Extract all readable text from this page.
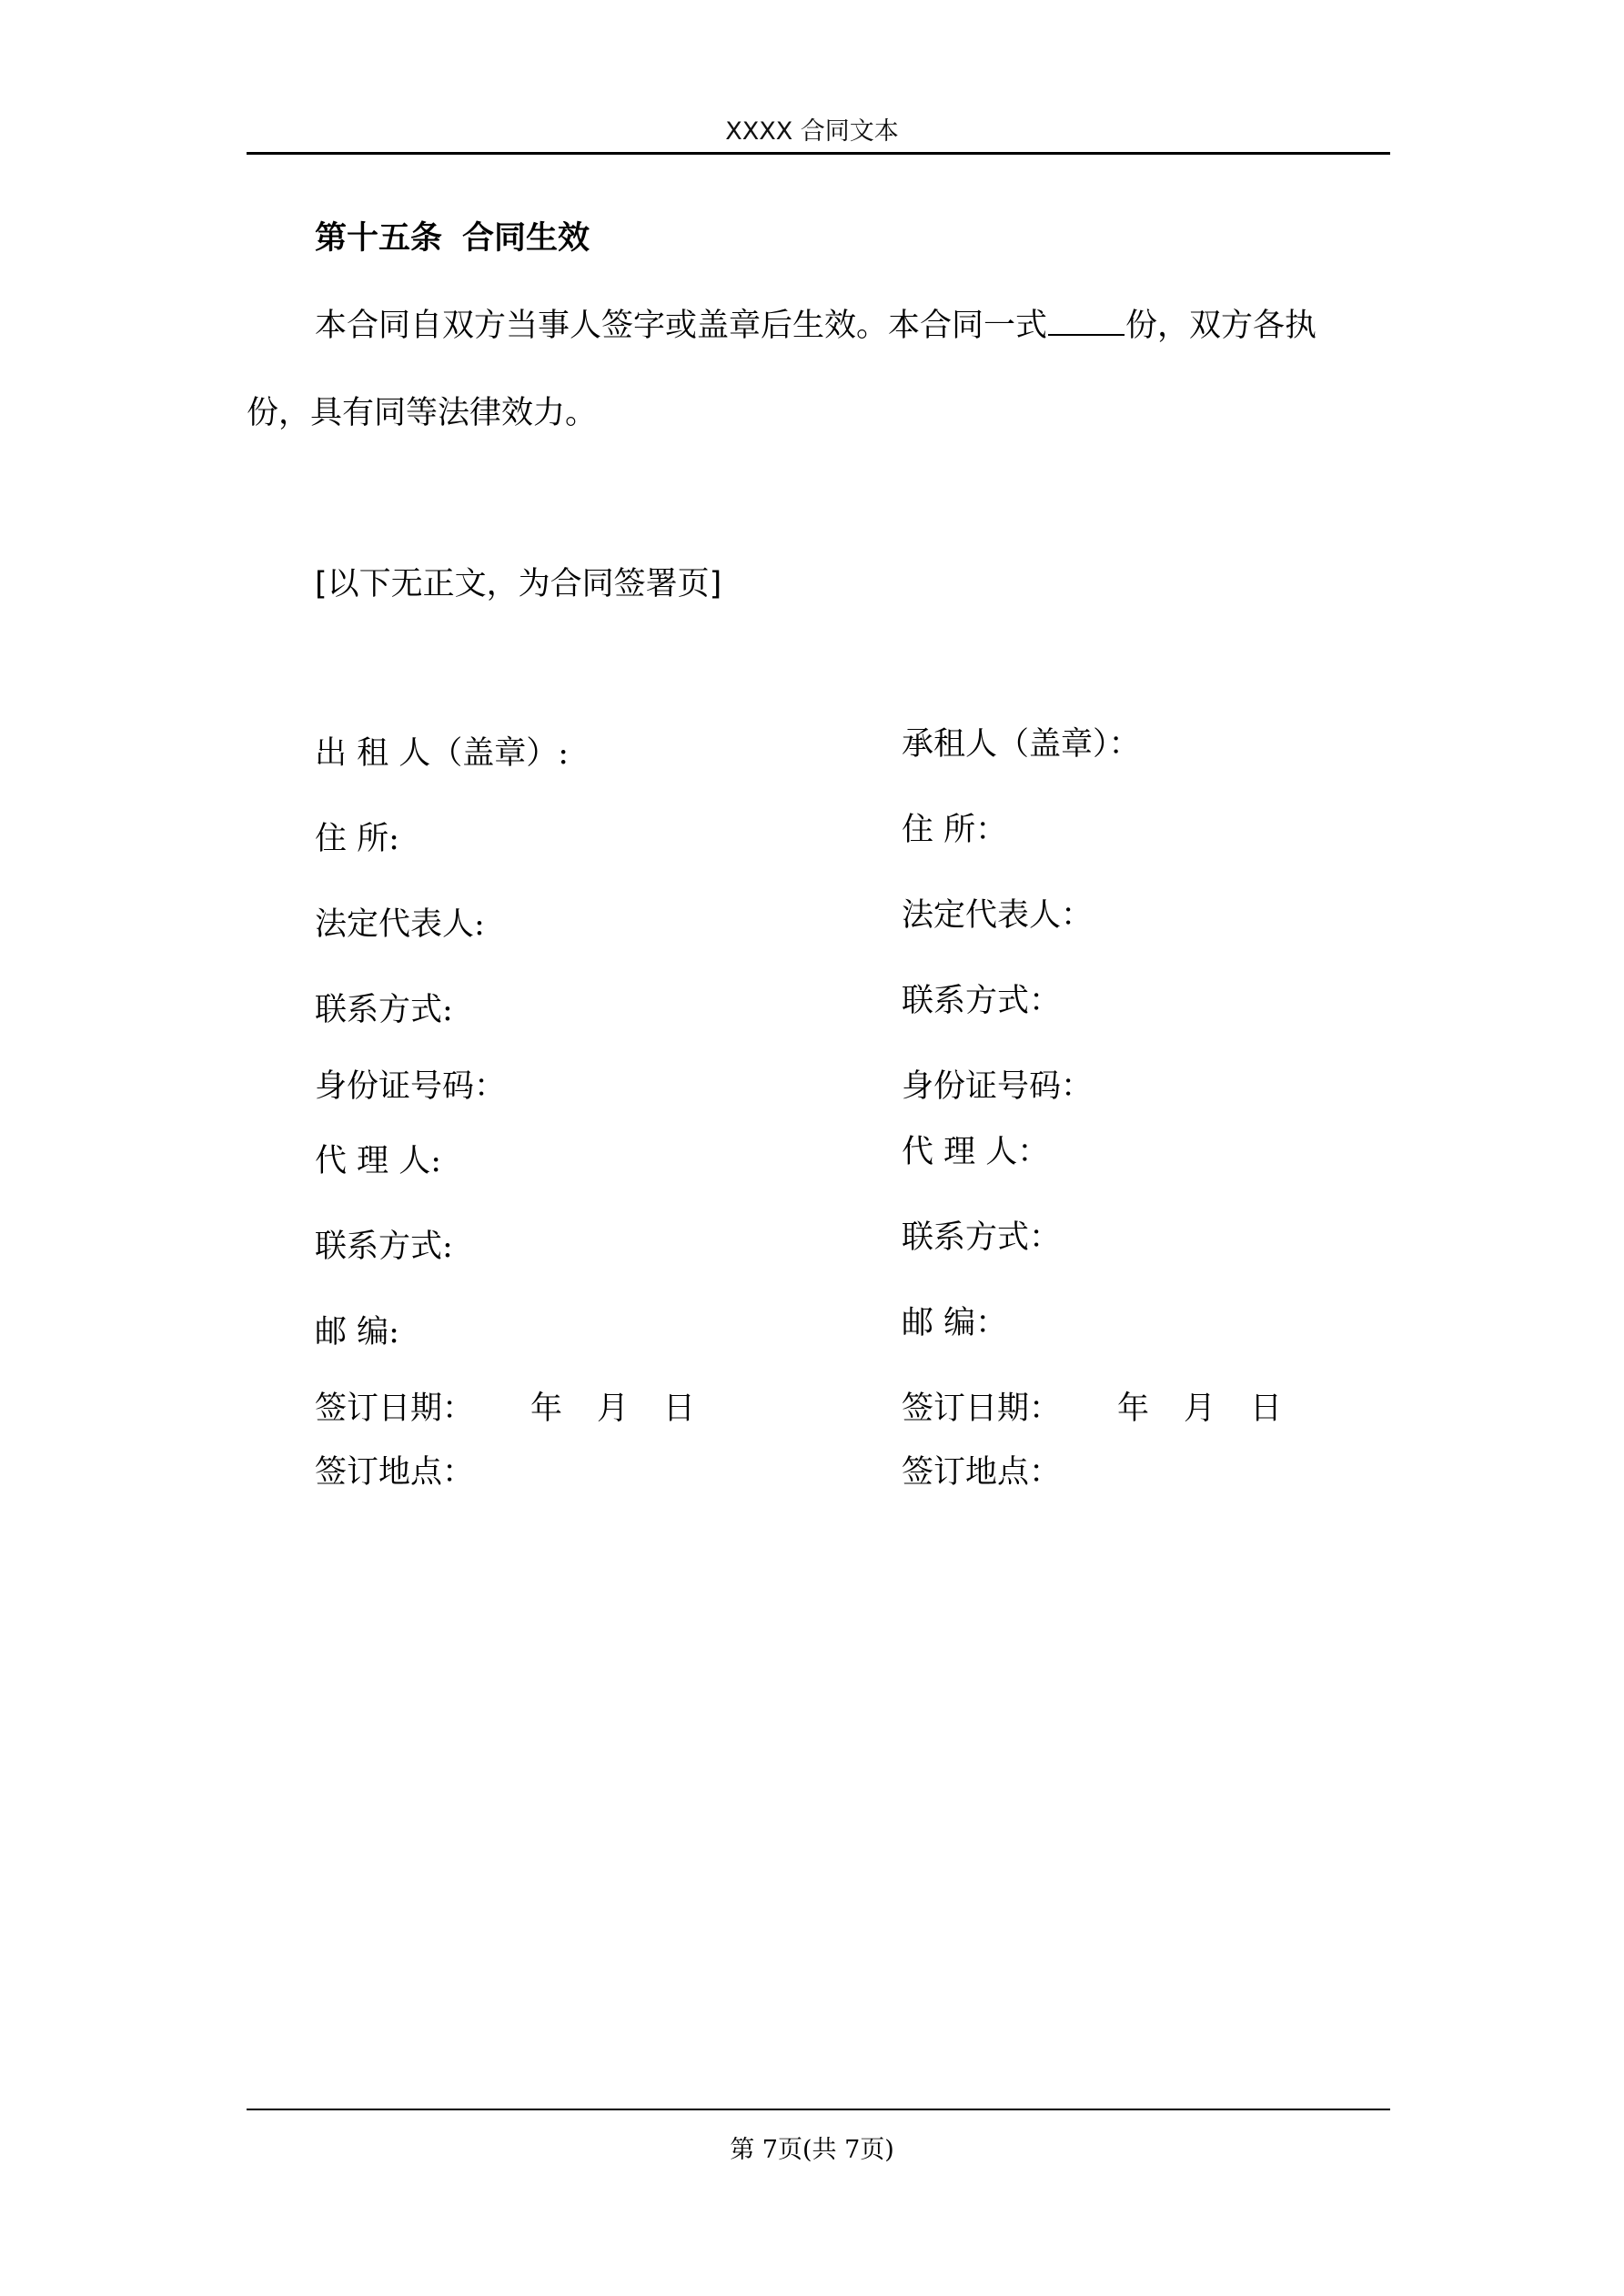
XXXX 合同文本
第十五条 合同生效
本合同自双方当事人签字或盖章后生效。本合同一式 份，双方各执
份，具有同等法律效力。
[以下无正文，为合同签署页]
出 租 人（盖章）:
住 所:
法定代表人:
联系方式:
身份证号码：
代 理 人:
联系方式:
邮 编:
签订日期： 年 月 日
签订地点：
承租人（盖章）：
住 所：
法定代表人：
联系方式：
身份证号码：
代 理 人：
联系方式：
邮 编：
签订日期： 年 月 日
签订地点：
第 7页(共 7页)
